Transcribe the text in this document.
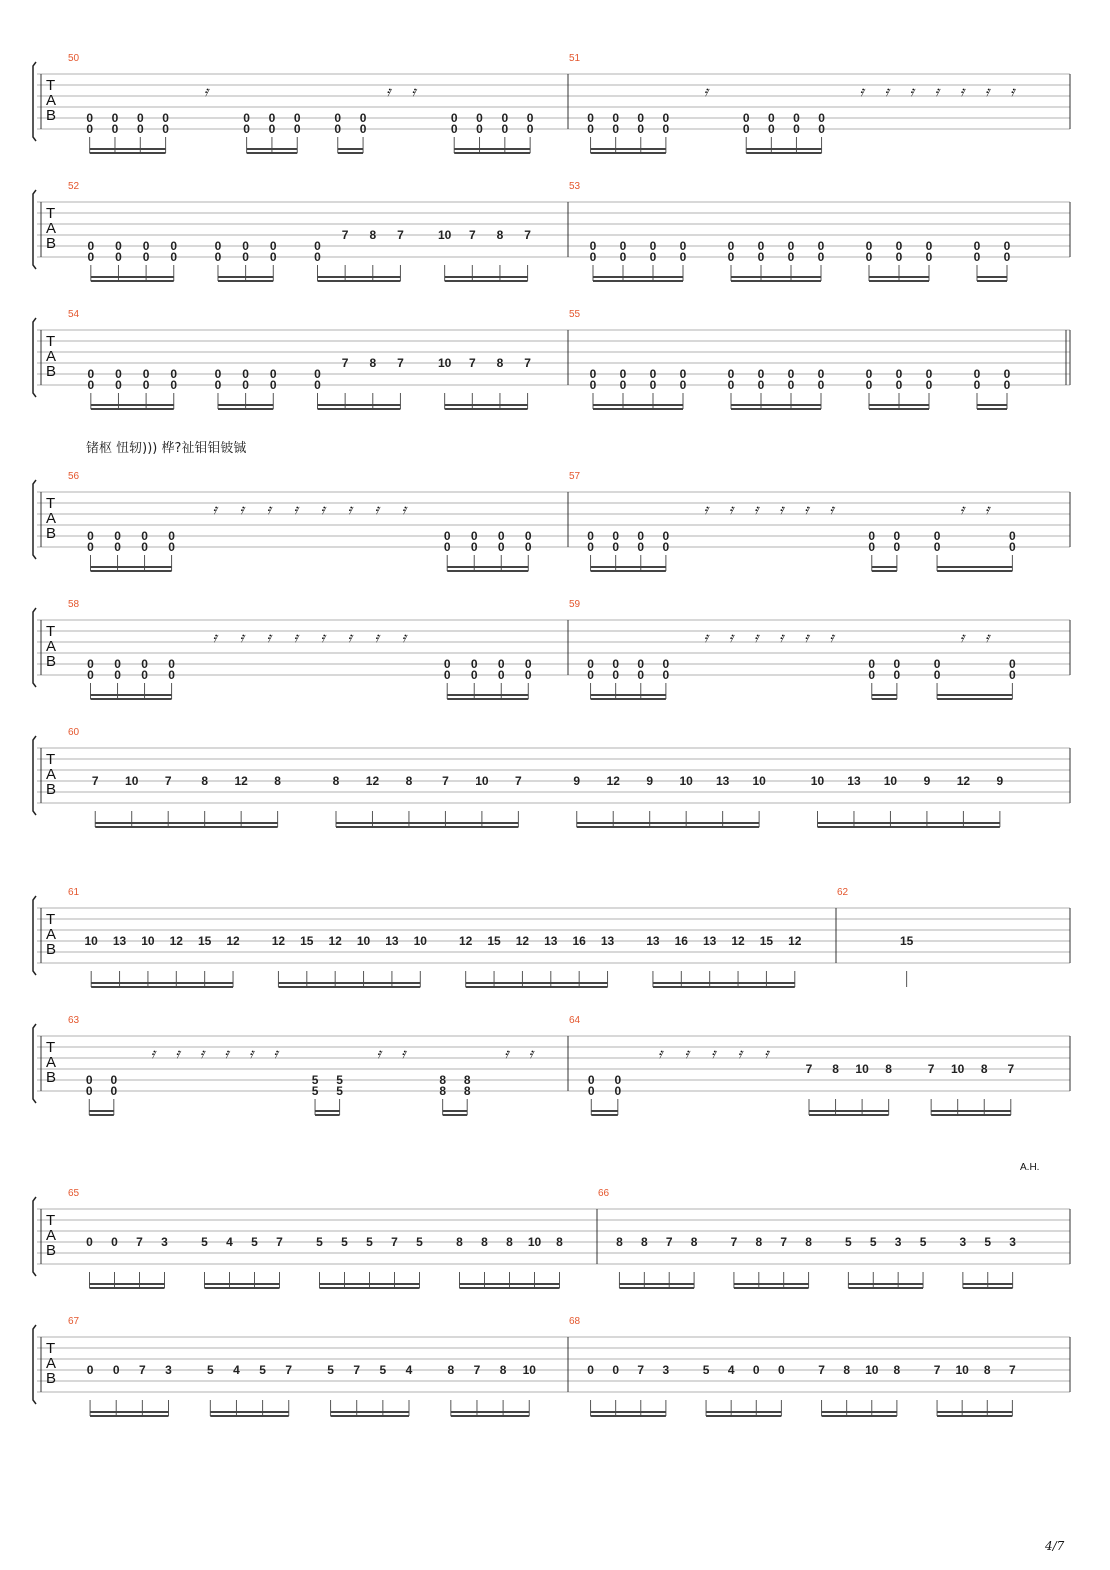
锗枢 忸轫))) 桦?祉钼钼铍铖
A.H.
4/7
T
A
B
50
0
0
0
0
0
0
0
0
𝄿
0
0
0
0
0
0
0
0
0
0
𝄿 𝄿
0
0
0
0
0
0
0
0
51
0
0
0
0
0
0
0
0
𝄿
0
0
0
0
0
0
0
0
𝄿 𝄿 𝄿 𝄿 𝄿 𝄿 𝄿
T
A
B
52
0
0
0
0
0
0
0
0
0
0
0
0
0
0
0
0
7 8 7	10 7 8 7
53
0
0
0
0
0
0
0
0
0
0
0
0
0
0
0
0
0
0
0
0
0
0
0
0
0
0
T
A
B
54
0
0
0
0
0
0
0
0
0
0
0
0
0
0
0
0
7 8 7	10 7 8 7
55
0
0
0
0
0
0
0
0
0
0
0
0
0
0
0
0
0
0
0
0
0
0
0
0
0
0
T
A
B
56
0
0
0
0
0
0
0
0
𝄿 𝄿 𝄿 𝄿 𝄿 𝄿 𝄿 𝄿
0
0
0
0
0
0
0
0
57
0
0
0
0
0
0
0
0
𝄿 𝄿 𝄿 𝄿 𝄿 𝄿
0
0
0
0
0
0
𝄿 𝄿
0
0
T
A
B
58
0
0
0
0
0
0
0
0
𝄿 𝄿 𝄿 𝄿 𝄿 𝄿 𝄿 𝄿
0
0
0
0
0
0
0
0
59
0
0
0
0
0
0
0
0
𝄿 𝄿 𝄿 𝄿 𝄿 𝄿
0
0
0
0
0
0
𝄿 𝄿
0
0
T
A
B
60
7 10 7 8 12 8	8 12 8 7 10 7	9 12 9 10 13 10	10 13 10 9 12 9
T
A
B
61
10 13 10 12 15 12	12 15 12 10 13 10	12 15 12 13 16 13	13 16 13 12 15 12
62
15
T
A
B
63
0
0
0
0
𝄿 𝄿 𝄿 𝄿 𝄿 𝄿
5
5
5
5
𝄿 𝄿
8
8
8
8
𝄿 𝄿
64
0
0
0
0
𝄿 𝄿 𝄿 𝄿 𝄿
7 8 10 8	7 10 8 7
T
A
B
65
0 0 7 3	5 4 5 7	5 5 5 7 5	8 8 8 10 8
66
8 8 7 8	7 8 7 8	5 5 3 5	3 5 3
T
A
B
67
0 0 7 3	5 4 5 7	5 7 5 4	8 7 8 10
68
0 0 7 3	5 4 0 0	7 8 10 8	7 10 8 7
